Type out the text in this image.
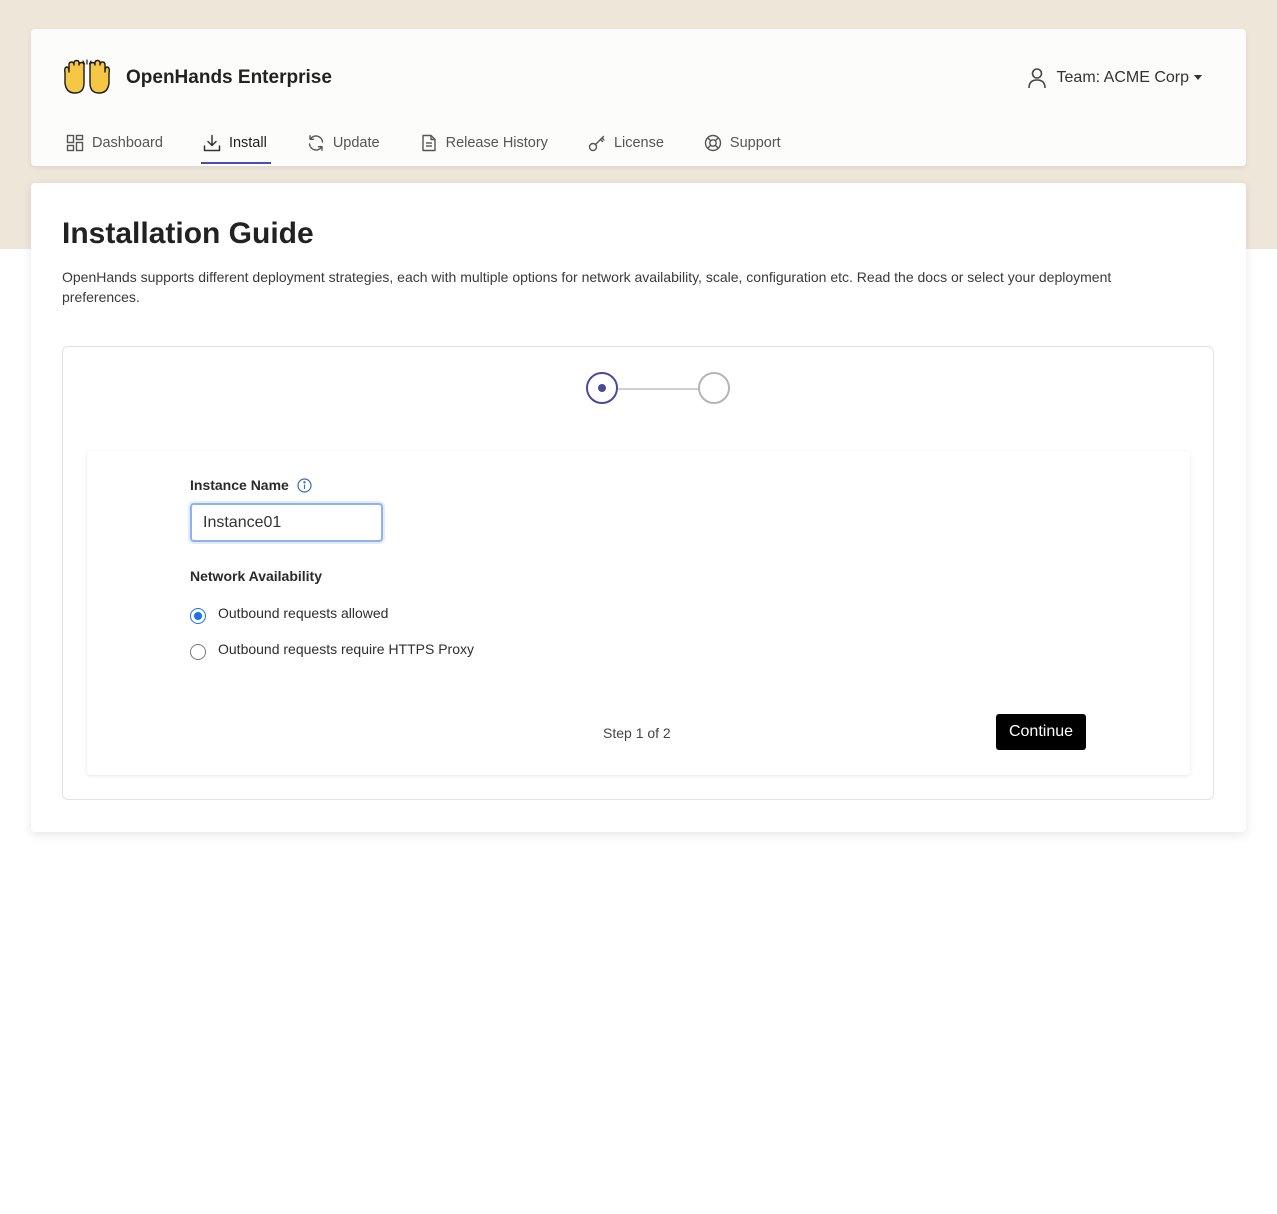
OpenHands Enterprise	Team: ACME Corp
Dashboard	Install	Update	Release History	License	Support
Installation Guide

OpenHands supports different deployment strategies, each with multiple options for network availability, scale, configuration etc. Read the docs or select your deployment preferences.

Instance Name
Instance01
Network Availability
Outbound requests allowed
Outbound requests require HTTPS Proxy
Step 1 of 2	Continue
